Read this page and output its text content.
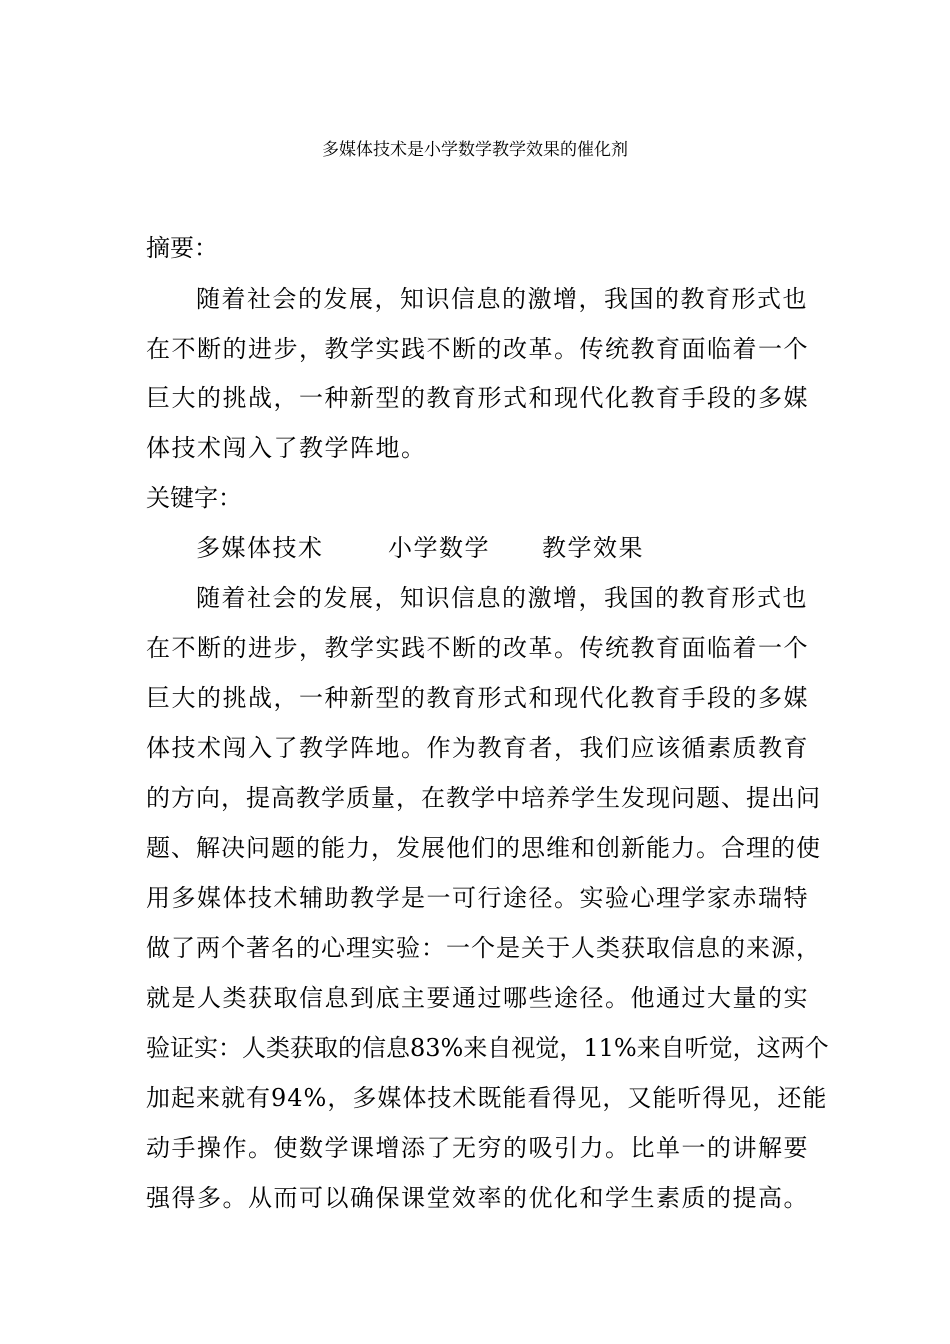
多媒体技术是小学数学教学效果的催化剂
摘要：
随着社会的发展，知识信息的激增，我国的教育形式也
在不断的进步，教学实践不断的改革。传统教育面临着一个
巨大的挑战，一种新型的教育形式和现代化教育手段的多媒
体技术闯入了教学阵地。
关键字：
多媒体技术	小学数学 教学效果
随着社会的发展，知识信息的激增，我国的教育形式也
在不断的进步，教学实践不断的改革。传统教育面临着一个
巨大的挑战，一种新型的教育形式和现代化教育手段的多媒
体技术闯入了教学阵地。作为教育者，我们应该循素质教育
的方向，提高教学质量，在教学中培养学生发现问题、提出问
题、解决问题的能力，发展他们的思维和创新能力。合理的使
用多媒体技术辅助教学是一可行途径。实验心理学家赤瑞特
做了两个著名的心理实验：一个是关于人类获取信息的来源，
就是人类获取信息到底主要通过哪些途径。他通过大量的实
验证实：人类获取的信息83%来自视觉，11%来自听觉，这两个
加起来就有94%，多媒体技术既能看得见，又能听得见，还能
动手操作。使数学课增添了无穷的吸引力。比单一的讲解要
强得多。从而可以确保课堂效率的优化和学生素质的提高。
